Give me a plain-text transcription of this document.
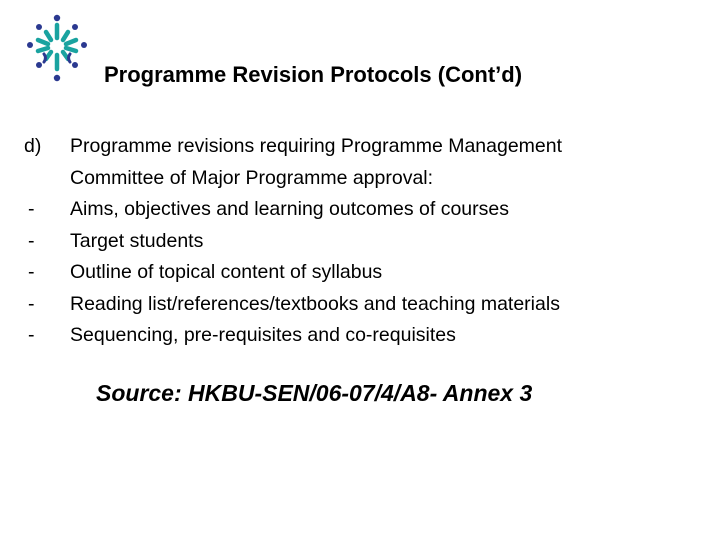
Programme Revision Protocols (Cont’d)
d)	Programme revisions requiring Programme Management
Committee of Major Programme approval:
-	Aims, objectives and learning outcomes of courses
-	Target students
-	Outline of topical content of syllabus
-	Reading list/references/textbooks and teaching materials
-	Sequencing, pre-requisites and co-requisites
Source: HKBU-SEN/06-07/4/A8- Annex 3
